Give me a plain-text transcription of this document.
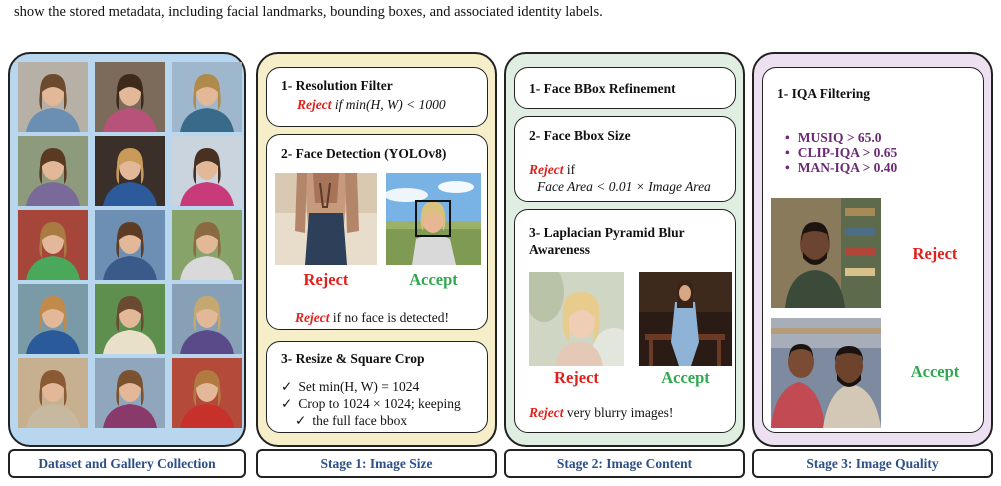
show the stored metadata, including facial landmarks, bounding boxes, and associated identity labels.
1- Resolution Filter
Reject if min(H, W) < 1000
2- Face Detection (YOLOv8)
Reject	Accept
Reject if no face is detected!
3- Resize & Square Crop
✓ Set min(H, W) = 1024
✓ Crop to 1024 × 1024; keeping
✓ the full face bbox
1- Face BBox Refinement
2- Face Bbox Size
Reject if
Face Area < 0.01 × Image Area
3- Laplacian Pyramid Blur Awareness
Reject	Accept
Reject very blurry images!
1- IQA Filtering
• MUSIQ > 65.0
• CLIP-IQA > 0.65
• MAN-IQA > 0.40
Reject
Accept
Dataset and Gallery Collection	Stage 1: Image Size	Stage 2: Image Content	Stage 3: Image Quality
